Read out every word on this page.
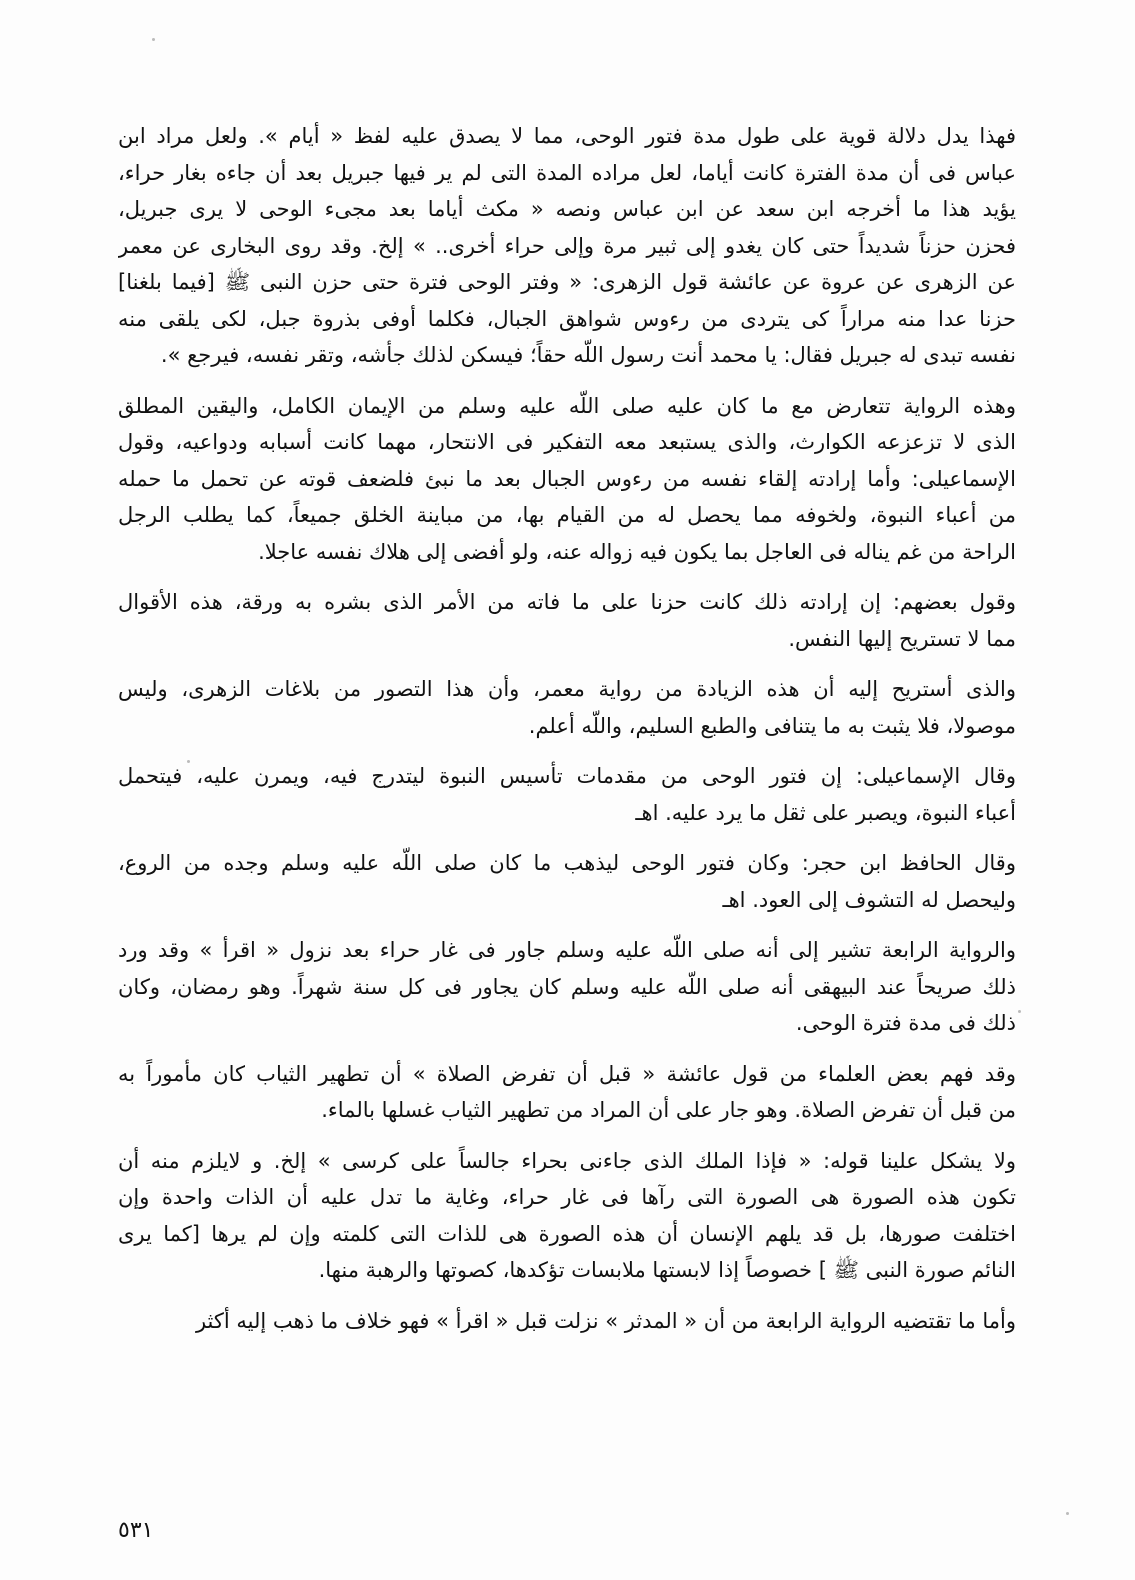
فهذا يدل دلالة قوية على طول مدة فتور الوحى، مما لا يصدق عليه لفظ « أيام ». ولعل مراد ابن
عباس فى أن مدة الفترة كانت أياما، لعل مراده المدة التى لم ير فيها جبريل بعد أن جاءه بغار حراء،
يؤيد هذا ما أخرجه ابن سعد عن ابن عباس ونصه « مكث أياما بعد مجىء الوحى لا يرى جبريل،
فحزن حزناً شديداً حتى كان يغدو إلى ثبير مرة وإلى حراء أخرى.. » إلخ. وقد روى البخارى عن معمر
عن الزهرى عن عروة عن عائشة قول الزهرى: « وفتر الوحى فترة حتى حزن النبى ﷺ [فيما بلغنا]
حزنا عدا منه مراراً كى يتردى من رءوس شواهق الجبال، فكلما أوفى بذروة جبل، لكى يلقى منه
نفسه تبدى له جبريل فقال: يا محمد أنت رسول اللّه حقاً؛ فيسكن لذلك جأشه، وتقر نفسه، فيرجع ».
وهذه الرواية تتعارض مع ما كان عليه صلى اللّه عليه وسلم من الإيمان الكامل، واليقين المطلق
الذى لا تزعزعه الكوارث، والذى يستبعد معه التفكير فى الانتحار، مهما كانت أسبابه ودواعيه، وقول
الإسماعيلى: وأما إرادته إلقاء نفسه من رءوس الجبال بعد ما نبئ فلضعف قوته عن تحمل ما حمله
من أعباء النبوة، ولخوفه مما يحصل له من القيام بها، من مباينة الخلق جميعاً، كما يطلب الرجل
الراحة من غم يناله فى العاجل بما يكون فيه زواله عنه، ولو أفضى إلى هلاك نفسه عاجلا.
وقول بعضهم: إن إرادته ذلك كانت حزنا على ما فاته من الأمر الذى بشره به ورقة، هذه الأقوال
مما لا تستريح إليها النفس.
والذى أستريح إليه أن هذه الزيادة من رواية معمر، وأن هذا التصور من بلاغات الزهرى، وليس
موصولا، فلا يثبت به ما يتنافى والطبع السليم، واللّه أعلم.
وقال الإسماعيلى: إن فتور الوحى من مقدمات تأسيس النبوة ليتدرج فيه، ويمرن عليه، فيتحمل
أعباء النبوة، ويصبر على ثقل ما يرد عليه. اهـ
وقال الحافظ ابن حجر: وكان فتور الوحى ليذهب ما كان صلى اللّه عليه وسلم وجده من الروع،
وليحصل له التشوف إلى العود. اهـ
والرواية الرابعة تشير إلى أنه صلى اللّه عليه وسلم جاور فى غار حراء بعد نزول « اقرأ » وقد ورد
ذلك صريحاً عند البيهقى أنه صلى اللّه عليه وسلم كان يجاور فى كل سنة شهراً. وهو رمضان، وكان
ذلك فى مدة فترة الوحى.
وقد فهم بعض العلماء من قول عائشة « قبل أن تفرض الصلاة » أن تطهير الثياب كان مأموراً به
من قبل أن تفرض الصلاة. وهو جار على أن المراد من تطهير الثياب غسلها بالماء.
ولا يشكل علينا قوله: « فإذا الملك الذى جاءنى بحراء جالساً على كرسى » إلخ. و لايلزم منه أن
تكون هذه الصورة هى الصورة التى رآها فى غار حراء، وغاية ما تدل عليه أن الذات واحدة وإن
اختلفت صورها، بل قد يلهم الإنسان أن هذه الصورة هى للذات التى كلمته وإن لم يرها [كما يرى
النائم صورة النبى ﷺ ] خصوصاً إذا لابستها ملابسات تؤكدها، كصوتها والرهبة منها.
وأما ما تقتضيه الرواية الرابعة من أن « المدثر » نزلت قبل « اقرأ » فهو خلاف ما ذهب إليه أكثر
٥٣١
